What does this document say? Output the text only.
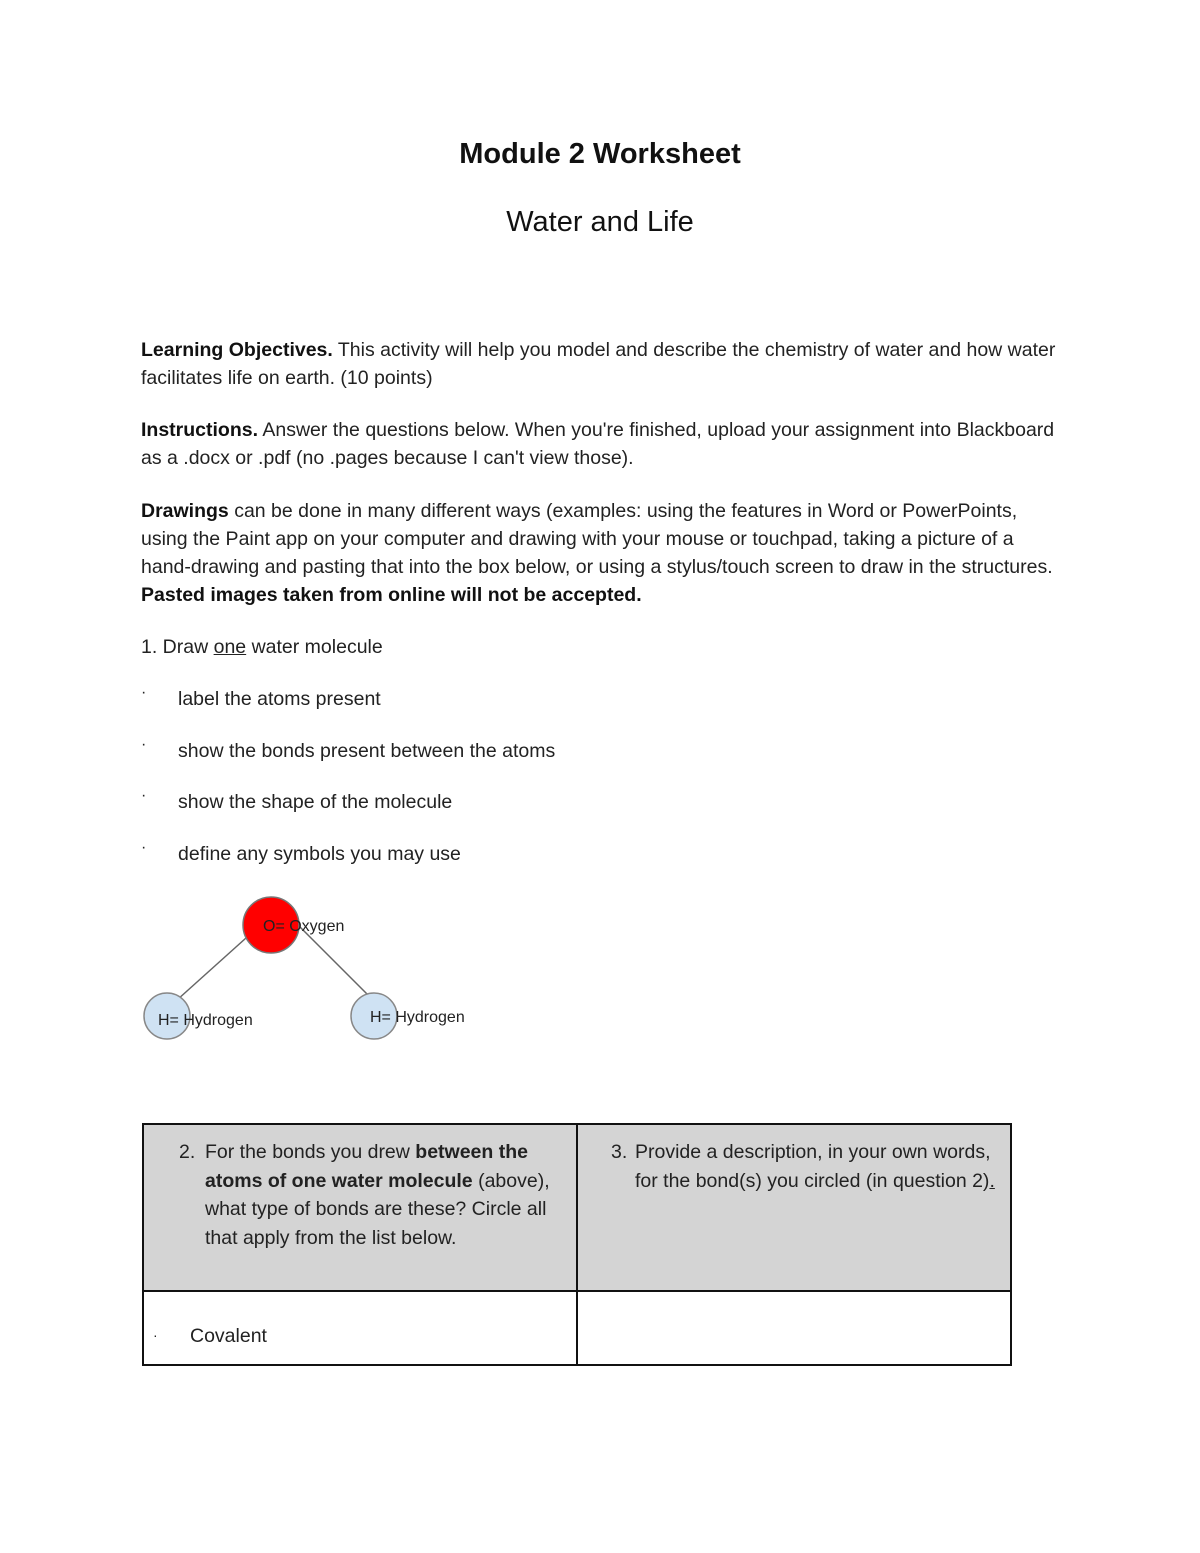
Module 2 Worksheet
Water and Life
Learning Objectives. This activity will help you model and describe the chemistry of water and how water facilitates life on earth. (10 points)
Instructions. Answer the questions below. When you're finished, upload your assignment into Blackboard as a .docx or .pdf (no .pages because I can't view those).
Drawings can be done in many different ways (examples: using the features in Word or PowerPoints, using the Paint app on your computer and drawing with your mouse or touchpad, taking a picture of a hand-drawing and pasting that into the box below, or using a stylus/touch screen to draw in the structures. Pasted images taken from online will not be accepted.
1. Draw one water molecule
· label the atoms present
· show the bonds present between the atoms
· show the shape of the molecule
· define any symbols you may use
O= Oxygen
H= Hydrogen	H= Hydrogen
2. For the bonds you drew between the atoms of one water molecule (above), what type of bonds are these? Circle all that apply from the list below.	3. Provide a description, in your own words, for the bond(s) you circled (in question 2).

· Covalent	
